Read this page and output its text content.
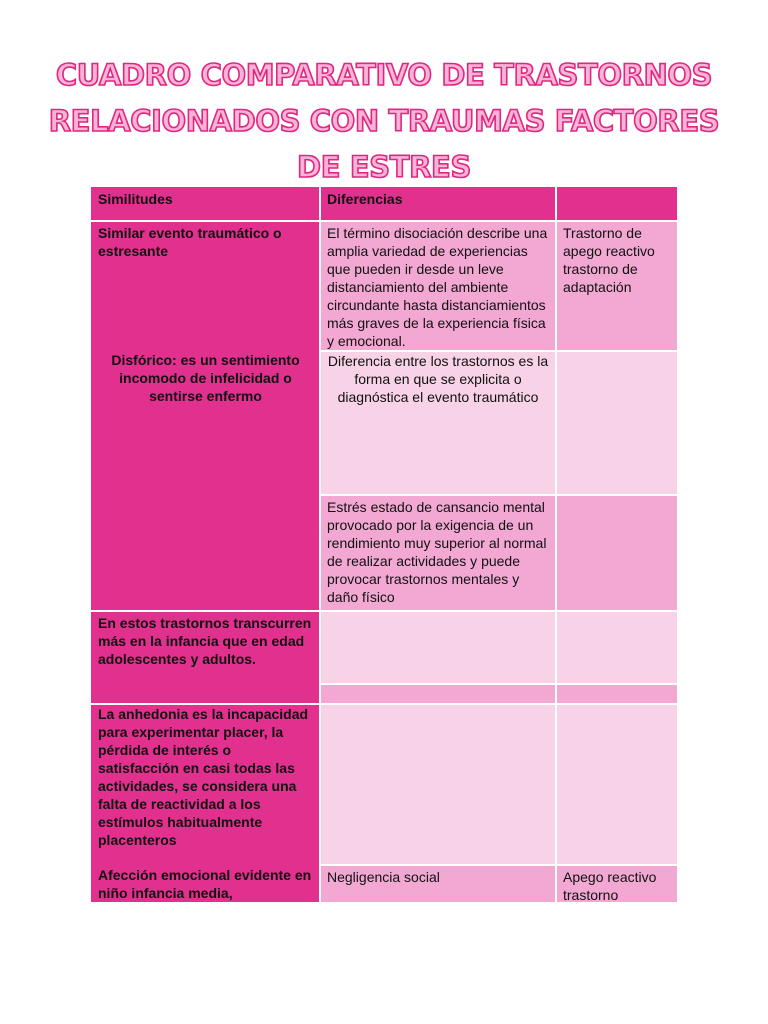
CUADRO COMPARATIVO DE TRASTORNOS
RELACIONADOS CON TRAUMAS FACTORES
DE ESTRES
Similitudes	Diferencias
Similar evento traumático o estresante
Disfórico: es un sentimiento incomodo de infelicidad o sentirse enfermo
En estos trastornos transcurren más en la infancia que en edad adolescentes y adultos.
La anhedonia es la incapacidad para experimentar placer, la pérdida de interés o satisfacción en casi todas las actividades, se considera una falta de reactividad a los estímulos habitualmente placenteros
Afección emocional evidente en niño infancia media,
El término disociación describe una amplia variedad de experiencias que pueden ir desde un leve distanciamiento del ambiente circundante hasta distanciamientos más graves de la experiencia física y emocional.
Diferencia entre los trastornos es la forma en que se explicita o diagnóstica el evento traumático
Estrés estado de cansancio mental provocado por la exigencia de un rendimiento muy superior al normal de realizar actividades y puede provocar trastornos mentales y daño físico
Negligencia social
Trastorno de apego reactivo trastorno de adaptación
Apego reactivo trastorno
